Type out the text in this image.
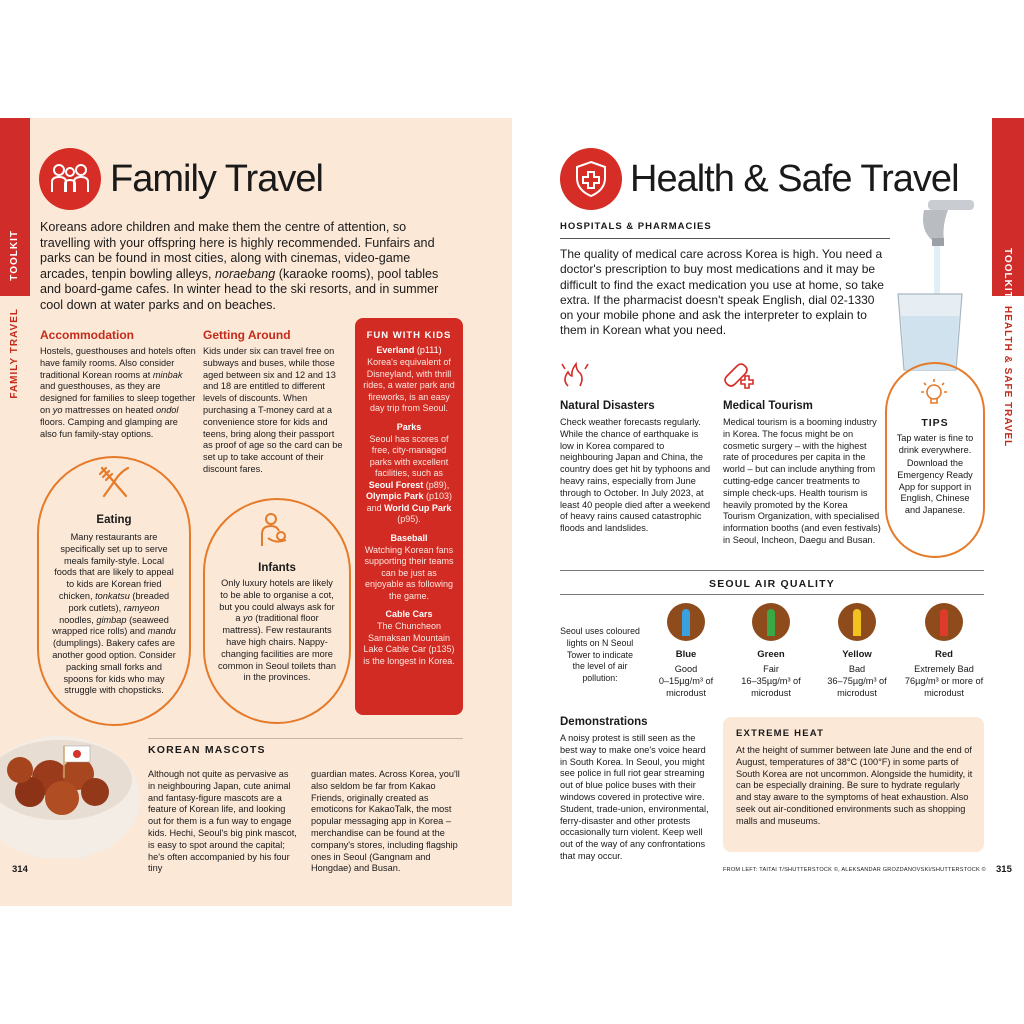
TOOLKIT
FAMILY TRAVEL
Family Travel
Koreans adore children and make them the centre of attention, so travelling with your offspring here is highly recommended. Funfairs and parks can be found in most cities, along with cinemas, video-game arcades, tenpin bowling alleys, noraebang (karaoke rooms), pool tables and board-game cafes. In winter head to the ski resorts, and in summer cool down at water parks and on beaches.
Accommodation
Hostels, guesthouses and hotels often have family rooms. Also consider traditional Korean rooms at minbak and guesthouses, as they are designed for families to sleep together on yo mattresses on heated ondol floors. Camping and glamping are also fun family-stay options.
Getting Around
Kids under six can travel free on subways and buses, while those aged between six and 12 and 13 and 18 are entitled to different levels of discounts. When purchasing a T-money card at a convenience store for kids and teens, bring along their passport as proof of age so the card can be set up to take account of their discount fares.
Eating
Many restaurants are specifically set up to serve meals family-style. Local foods that are likely to appeal to kids are Korean fried chicken, tonkatsu (breaded pork cutlets), ramyeon noodles, gimbap (seaweed wrapped rice rolls) and mandu (dumplings). Bakery cafes are another good option. Consider packing small forks and spoons for kids who may struggle with chopsticks.
Infants
Only luxury hotels are likely to be able to organise a cot, but you could always ask for a yo (traditional floor mattress). Few restaurants have high chairs. Nappy-changing facilities are more common in Seoul toilets than in the provinces.
FUN WITH KIDS
Everland (p111)
Korea's equivalent of Disneyland, with thrill rides, a water park and fireworks, is an easy day trip from Seoul.
Parks
Seoul has scores of free, city-managed parks with excellent facilities, such as Seoul Forest (p89), Olympic Park (p103) and World Cup Park (p95).
Baseball
Watching Korean fans supporting their teams can be just as enjoyable as following the game.
Cable Cars
The Chuncheon Samaksan Mountain Lake Cable Car (p135) is the longest in Korea.
KOREAN MASCOTS
Although not quite as pervasive as in neighbouring Japan, cute animal and fantasy-figure mascots are a feature of Korean life, and looking out for them is a fun way to engage kids. Hechi, Seoul's big pink mascot, is easy to spot around the capital; he's often accompanied by his four tiny
guardian mates. Across Korea, you'll also seldom be far from Kakao Friends, originally created as emoticons for KakaoTalk, the most popular messaging app in Korea – merchandise can be found at the company's stores, including flagship ones in Seoul (Gangnam and Hongdae) and Busan.
314
TOOLKIT
HEALTH & SAFE TRAVEL
Health & Safe Travel
HOSPITALS & PHARMACIES
The quality of medical care across Korea is high. You need a doctor's prescription to buy most medications and it may be difficult to find the exact medication you use at home, so take extra. If the pharmacist doesn't speak English, dial 02-1330 on your mobile phone and ask the interpreter to explain to them in Korean what you need.
Natural Disasters
Check weather forecasts regularly. While the chance of earthquake is low in Korea compared to neighbouring Japan and China, the country does get hit by typhoons and heavy rains, especially from June through to October. In July 2023, at least 40 people died after a weekend of heavy rains caused catastrophic floods and landslides.
Medical Tourism
Medical tourism is a booming industry in Korea. The focus might be on cosmetic surgery – with the highest rate of procedures per capita in the world – but can include anything from cutting-edge cancer treatments to simple check-ups. Health tourism is heavily promoted by the Korea Tourism Organization, with specialised information booths (and even festivals) in Seoul, Incheon, Daegu and Busan.
TIPS
Tap water is fine to drink everywhere.
Download the Emergency Ready App for support in English, Chinese and Japanese.
SEOUL AIR QUALITY
Seoul uses coloured lights on N Seoul Tower to indicate the level of air pollution:
Blue
Good
0–15µg/m³ of microdust
Green
Fair
16–35µg/m³ of microdust
Yellow
Bad
36–75µg/m³ of microdust
Red
Extremely Bad
76µg/m³ or more of microdust
Demonstrations
A noisy protest is still seen as the best way to make one's voice heard in South Korea. In Seoul, you might see police in full riot gear streaming out of blue police buses with their windows covered in protective wire. Student, trade-union, environmental, ferry-disaster and other protests occasionally turn violent. Keep well out of the way of any confrontations that may occur.
EXTREME HEAT
At the height of summer between late June and the end of August, temperatures of 38°C (100°F) in some parts of South Korea are not uncommon. Alongside the humidity, it can be especially draining. Be sure to hydrate regularly and stay aware to the symptoms of heat exhaustion. Also seek out air-conditioned environments such as shopping malls and museums.
FROM LEFT: TAITAI T/SHUTTERSTOCK ©, ALEKSANDAR GROZDANOVSKI/SHUTTERSTOCK © 315
